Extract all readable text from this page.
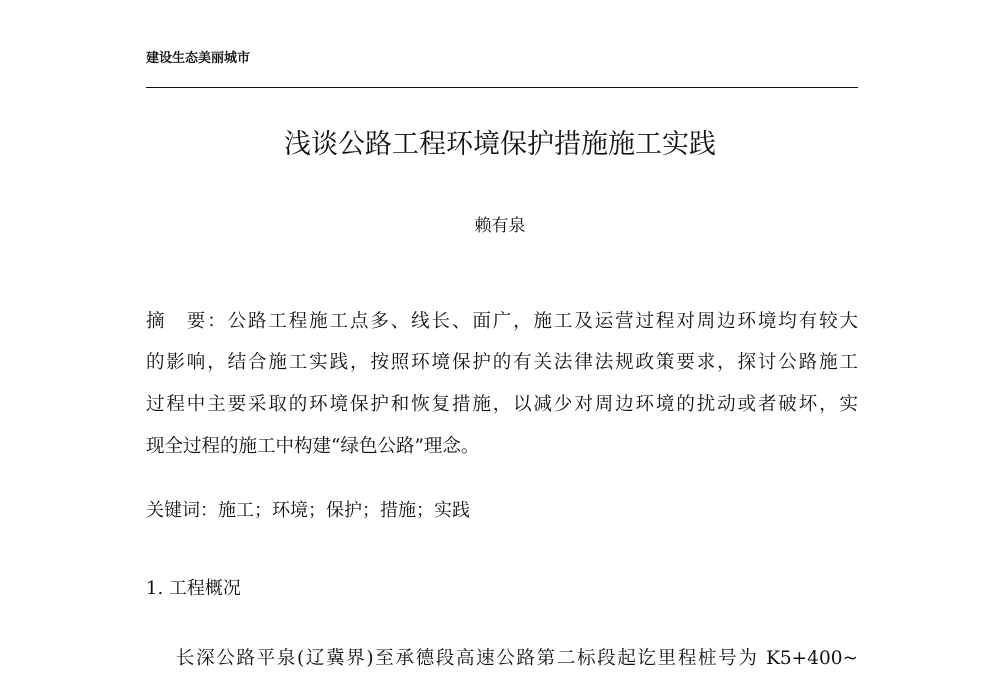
建设生态美丽城市
浅谈公路工程环境保护措施施工实践
赖有泉
摘　要：公路工程施工点多、线长、面广，施工及运营过程对周边环境均有较大
的影响，结合施工实践，按照环境保护的有关法律法规政策要求，探讨公路施工
过程中主要采取的环境保护和恢复措施，以减少对周边环境的扰动或者破坏，实
现全过程的施工中构建“绿色公路”理念。
关键词：施工；环境；保护；措施；实践
1. 工程概况
长深公路平泉(辽冀界)至承德段高速公路第二标段起讫里程桩号为 K5+400~
